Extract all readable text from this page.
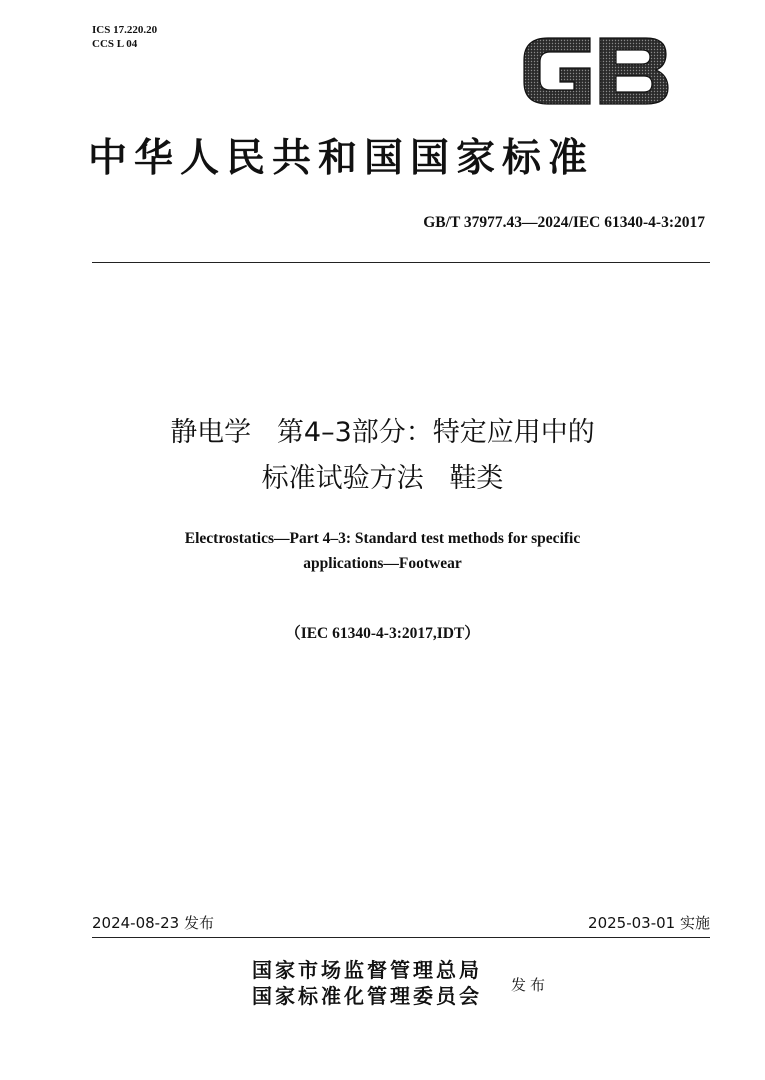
ICS 17.220.20
CCS L 04
中华人民共和国国家标准
GB/T 37977.43—2024/IEC 61340-4-3:2017
静电学   第4–3部分：特定应用中的
标准试验方法   鞋类
Electrostatics—Part 4–3: Standard test methods for specific
applications—Footwear
（IEC 61340-4-3:2017,IDT）
2024-08-23 发布	2025-03-01 实施
国家市场监督管理总局
国家标准化管理委员会 发布
